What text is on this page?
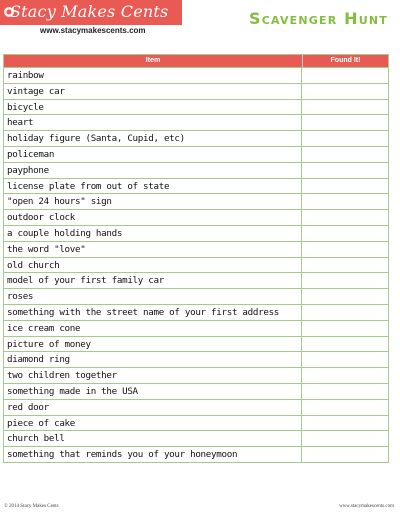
Stacy Makes Cents
www.stacymakescents.com
Scavenger Hunt
Item	Found It!
rainbow
vintage car
bicycle
heart
holiday figure (Santa, Cupid, etc)
policeman
payphone
license plate from out of state
"open 24 hours" sign
outdoor clock
a couple holding hands
the word "love"
old church
model of your first family car
roses
something with the street name of your first address
ice cream cone
picture of money
diamond ring
two children together
something made in the USA
red door
piece of cake
church bell
something that reminds you of your honeymoon
© 2014 Stacy Makes Cents	www.stacymakescents.com
